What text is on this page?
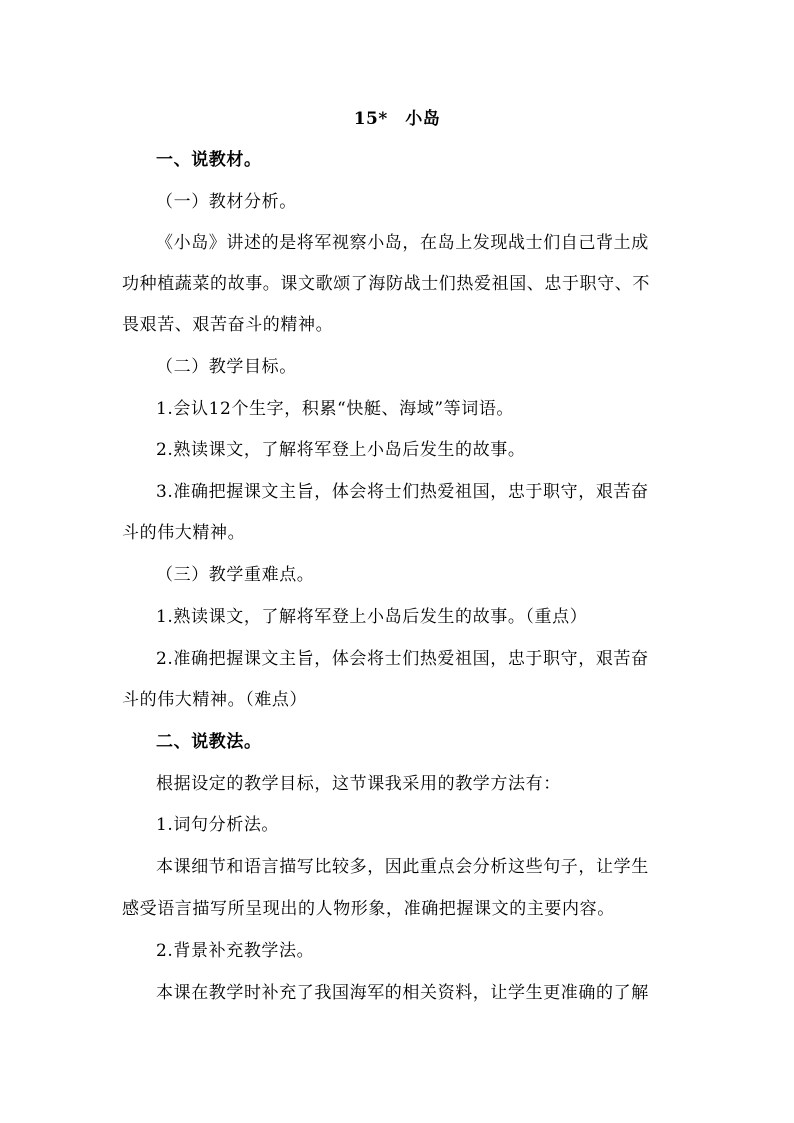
15*　小岛
一、说教材。
（一）教材分析。
《小岛》讲述的是将军视察小岛，在岛上发现战士们自己背土成
功种植蔬菜的故事。课文歌颂了海防战士们热爱祖国、忠于职守、不
畏艰苦、艰苦奋斗的精神。
（二）教学目标。
1.会认12个生字，积累“快艇、海域”等词语。
2.熟读课文，了解将军登上小岛后发生的故事。
3.准确把握课文主旨，体会将士们热爱祖国，忠于职守，艰苦奋
斗的伟大精神。
（三）教学重难点。
1.熟读课文，了解将军登上小岛后发生的故事。（重点）
2.准确把握课文主旨，体会将士们热爱祖国，忠于职守，艰苦奋
斗的伟大精神。（难点）
二、说教法。
根据设定的教学目标，这节课我采用的教学方法有：
1.词句分析法。
本课细节和语言描写比较多，因此重点会分析这些句子，让学生
感受语言描写所呈现出的人物形象，准确把握课文的主要内容。
2.背景补充教学法。
本课在教学时补充了我国海军的相关资料，让学生更准确的了解
